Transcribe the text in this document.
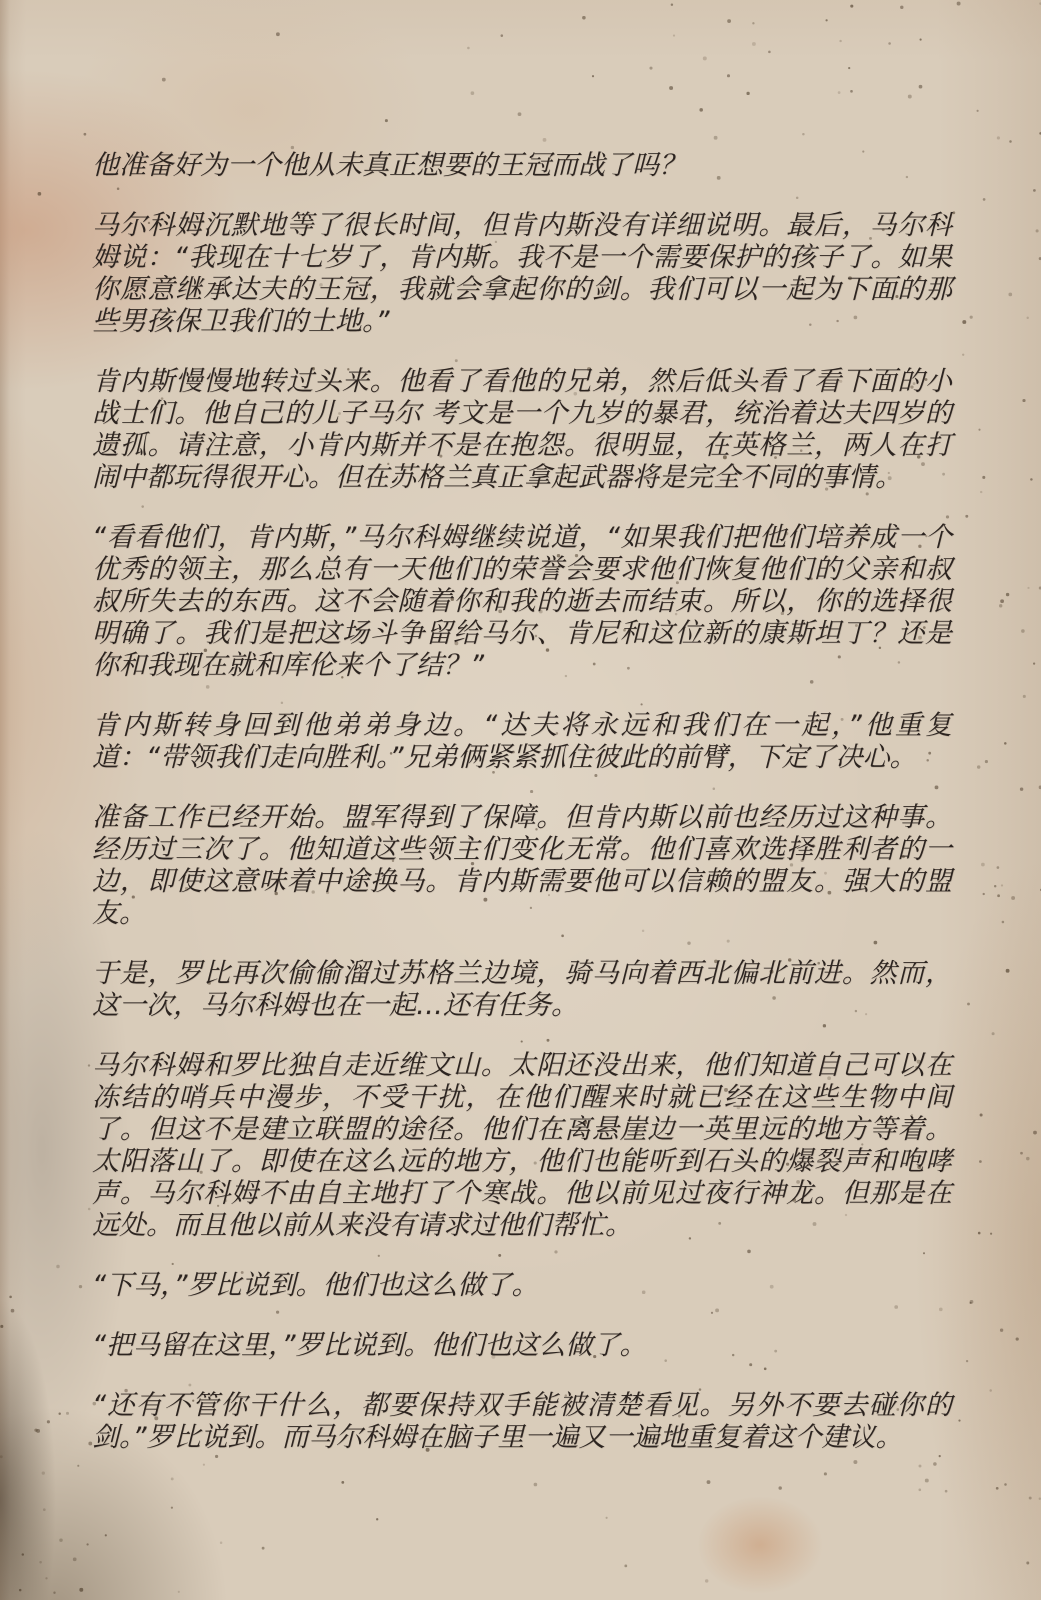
他准备好为一个他从未真正想要的王冠而战了吗？

马尔科姆沉默地等了很长时间，但肯内斯没有详细说明。最后，马尔科姆说：“我现在十七岁了，肯内斯。我不是一个需要保护的孩子了。如果你愿意继承达夫的王冠，我就会拿起你的剑。我们可以一起为下面的那些男孩保卫我们的土地。”

肯内斯慢慢地转过头来。他看了看他的兄弟，然后低头看了看下面的小战士们。他自己的儿子马尔 考文是一个九岁的暴君，统治着达夫四岁的遗孤。请注意，小肯内斯并不是在抱怨。很明显，在英格兰，两人在打闹中都玩得很开心。但在苏格兰真正拿起武器将是完全不同的事情。

“看看他们，肯内斯，”马尔科姆继续说道，“如果我们把他们培养成一个优秀的领主，那么总有一天他们的荣誉会要求他们恢复他们的父亲和叔叔所失去的东西。这不会随着你和我的逝去而结束。所以，你的选择很明确了。我们是把这场斗争留给马尔、肯尼和这位新的康斯坦丁？还是你和我现在就和库伦来个了结？”

肯内斯转身回到他弟弟身边。“达夫将永远和我们在一起，”他重复道：“带领我们走向胜利。”兄弟俩紧紧抓住彼此的前臂，下定了决心。

准备工作已经开始。盟军得到了保障。但肯内斯以前也经历过这种事。经历过三次了。他知道这些领主们变化无常。他们喜欢选择胜利者的一边，即使这意味着中途换马。肯内斯需要他可以信赖的盟友。强大的盟友。

于是，罗比再次偷偷溜过苏格兰边境，骑马向着西北偏北前进。然而，这一次，马尔科姆也在一起…还有任务。

马尔科姆和罗比独自走近维文山。太阳还没出来，他们知道自己可以在冻结的哨兵中漫步，不受干扰，在他们醒来时就已经在这些生物中间了。但这不是建立联盟的途径。他们在离悬崖边一英里远的地方等着。太阳落山了。即使在这么远的地方，他们也能听到石头的爆裂声和咆哮声。马尔科姆不由自主地打了个寒战。他以前见过夜行神龙。但那是在远处。而且他以前从来没有请求过他们帮忙。

“下马，”罗比说到。他们也这么做了。

“把马留在这里，”罗比说到。他们也这么做了。

“还有不管你干什么，都要保持双手能被清楚看见。另外不要去碰你的剑。”罗比说到。而马尔科姆在脑子里一遍又一遍地重复着这个建议。
